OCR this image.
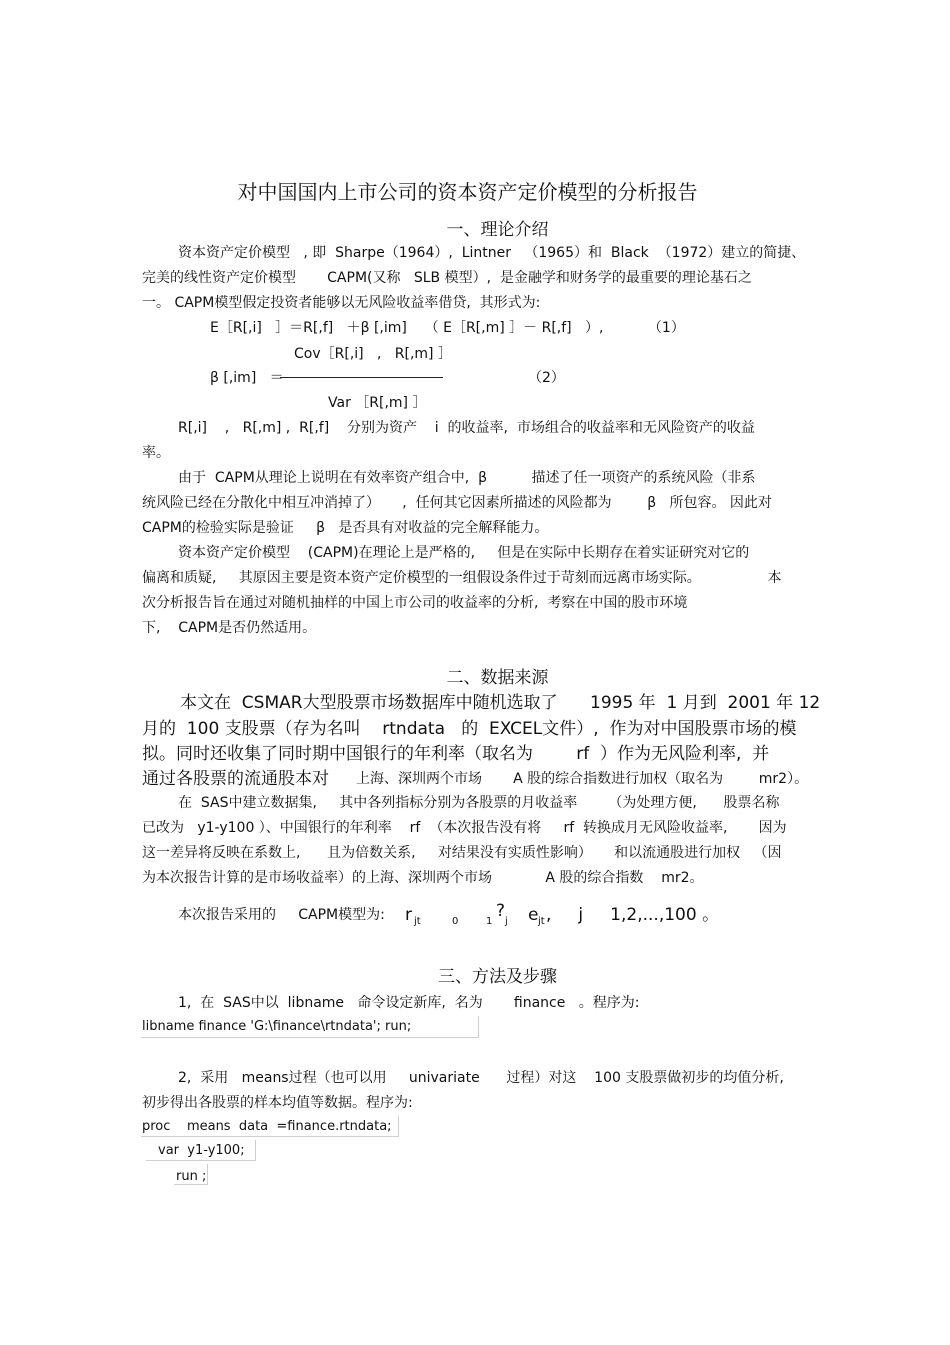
对中国国内上市公司的资本资产定价模型的分析报告
一、理论介绍
资本资产定价模型   , 即  Sharpe（1964）,  Lintner   （1965）和  Black  （1972）建立的简捷、
完美的线性资产定价模型       CAPM(又称   SLB 模型）,  是金融学和财务学的最重要的理论基石之
一。 CAPM模型假定投资者能够以无风险收益率借贷,  其形式为:
E［R[,i]   ］＝R[,f]   ＋β [,im]    （ E［R[,m] ］－ R[,f]   ）,          （1）
Cov［R[,i]   ,   R[,m] ］
β [,im]   ＝	（2）
Var ［R[,m] ］
R[,i]    ,   R[,m] ,  R[,f]    分别为资产    i  的收益率,  市场组合的收益率和无风险资产的收益
率。
由于  CAPM从理论上说明在有效率资产组合中,  β          描述了任一项资产的系统风险（非系
统风险已经在分散化中相互冲消掉了）     ,  任何其它因素所描述的风险都为        β   所包容。 因此对
CAPM的检验实际是验证     β   是否具有对收益的完全解释能力。
资本资产定价模型    (CAPM)在理论上是严格的,     但是在实际中长期存在着实证研究对它的
偏离和质疑,     其原因主要是资本资产定价模型的一组假设条件过于苛刻而远离市场实际。               本
次分析报告旨在通过对随机抽样的中国上市公司的收益率的分析,  考察在中国的股市环境
下,    CAPM是否仍然适用。
二、数据来源
本文在  CSMAR大型股票市场数据库中随机选取了      1995 年  1 月到  2001 年 12
月的  100 支股票（存为名叫    rtndata   的  EXCEL文件）,  作为对中国股票市场的模
拟。同时还收集了同时期中国银行的年利率（取名为        rf  ）作为无风险利率,  并
通过各股票的流通股本对 上海、深圳两个市场       A 股的综合指数进行加权（取名为        mr2）。
在  SAS中建立数据集,     其中各列指标分别为各股票的月收益率       （为处理方便,      股票名称
已改为   y1-y100 ）、中国银行的年利率    rf  （本次报告没有将     rf  转换成月无风险收益率,       因为
这一差异将反映在系数上,      且为倍数关系,     对结果没有实质性影响）     和以流通股进行加权   （因
为本次报告计算的是市场收益率）的上海、深圳两个市场            A 股的综合指数    mr2。
本次报告采用的     CAPM模型为: r jt	0	1
?
j e jt ,     j     1,2,...,100 。
三、方法及步骤
1,  在  SAS中以  libname   命令设定新库,  名为       finance   。程序为:
libname finance 'G:\finance\rtndata'; run;
2,  采用   means过程（也可以用     univariate      过程）对这    100 支股票做初步的均值分析,
初步得出各股票的样本均值等数据。程序为:
proc    means  data  =finance.rtndata;
var  y1-y100;
run ;
